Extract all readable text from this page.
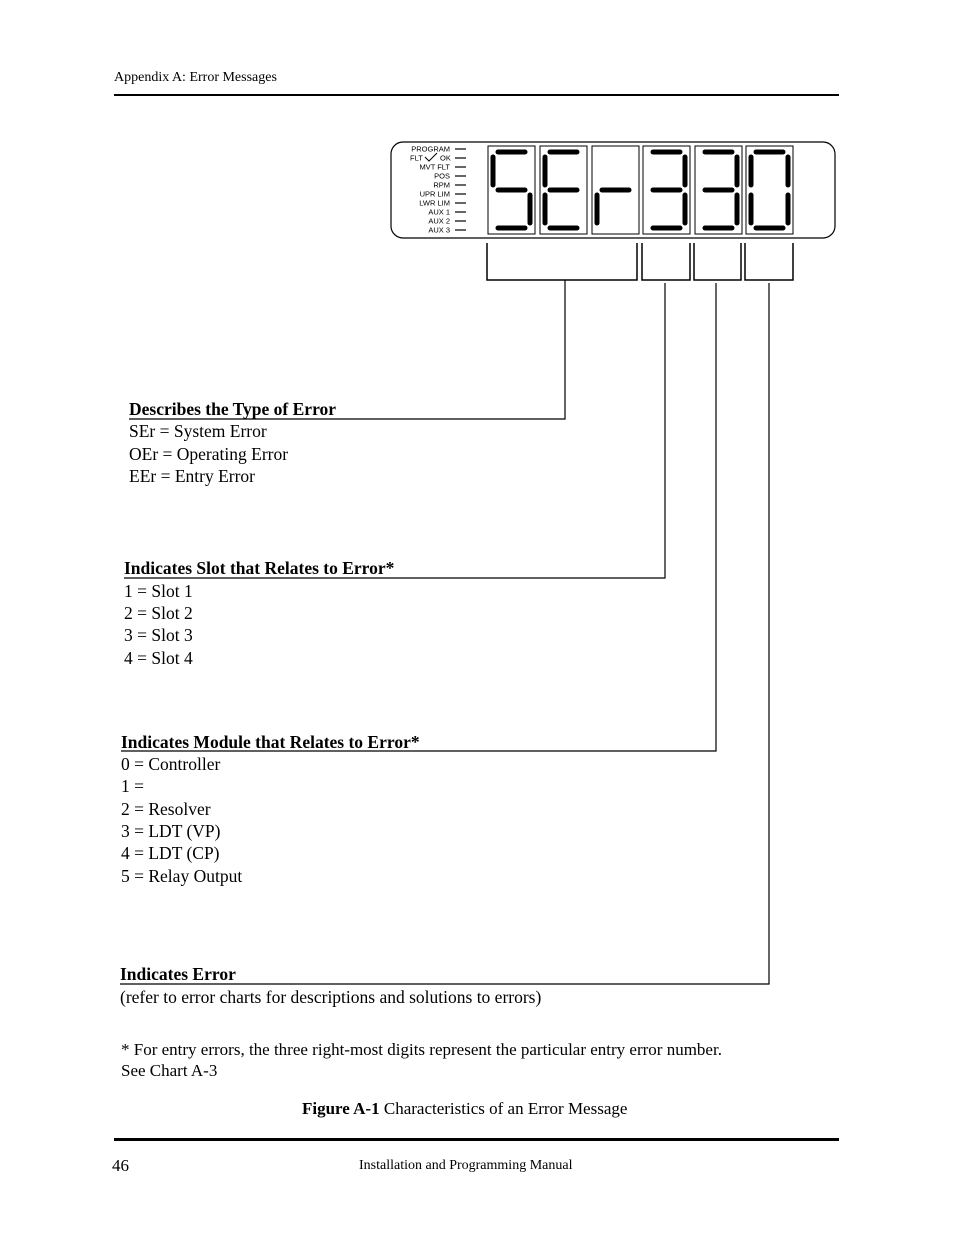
Appendix A: Error Messages
PROGRAM
MVT FLT
POS
RPM
UPR LIM
LWR LIM
AUX 1
AUX 2
AUX 3
FLT OK
Describes the Type of Error
SEr = System Error
OEr = Operating Error
EEr = Entry Error
Indicates Slot that Relates to Error*
1 = Slot 1
2 = Slot 2
3 = Slot 3
4 = Slot 4
Indicates Module that Relates to Error*
0 = Controller
1 =
2 = Resolver
3 = LDT (VP)
4 = LDT (CP)
5 = Relay Output
Indicates Error
(refer to error charts for descriptions and solutions to errors)
* For entry errors, the three right-most digits represent the particular entry error number.
See Chart A-3
Figure A-1 Characteristics of an Error Message
46	Installation and Programming Manual
